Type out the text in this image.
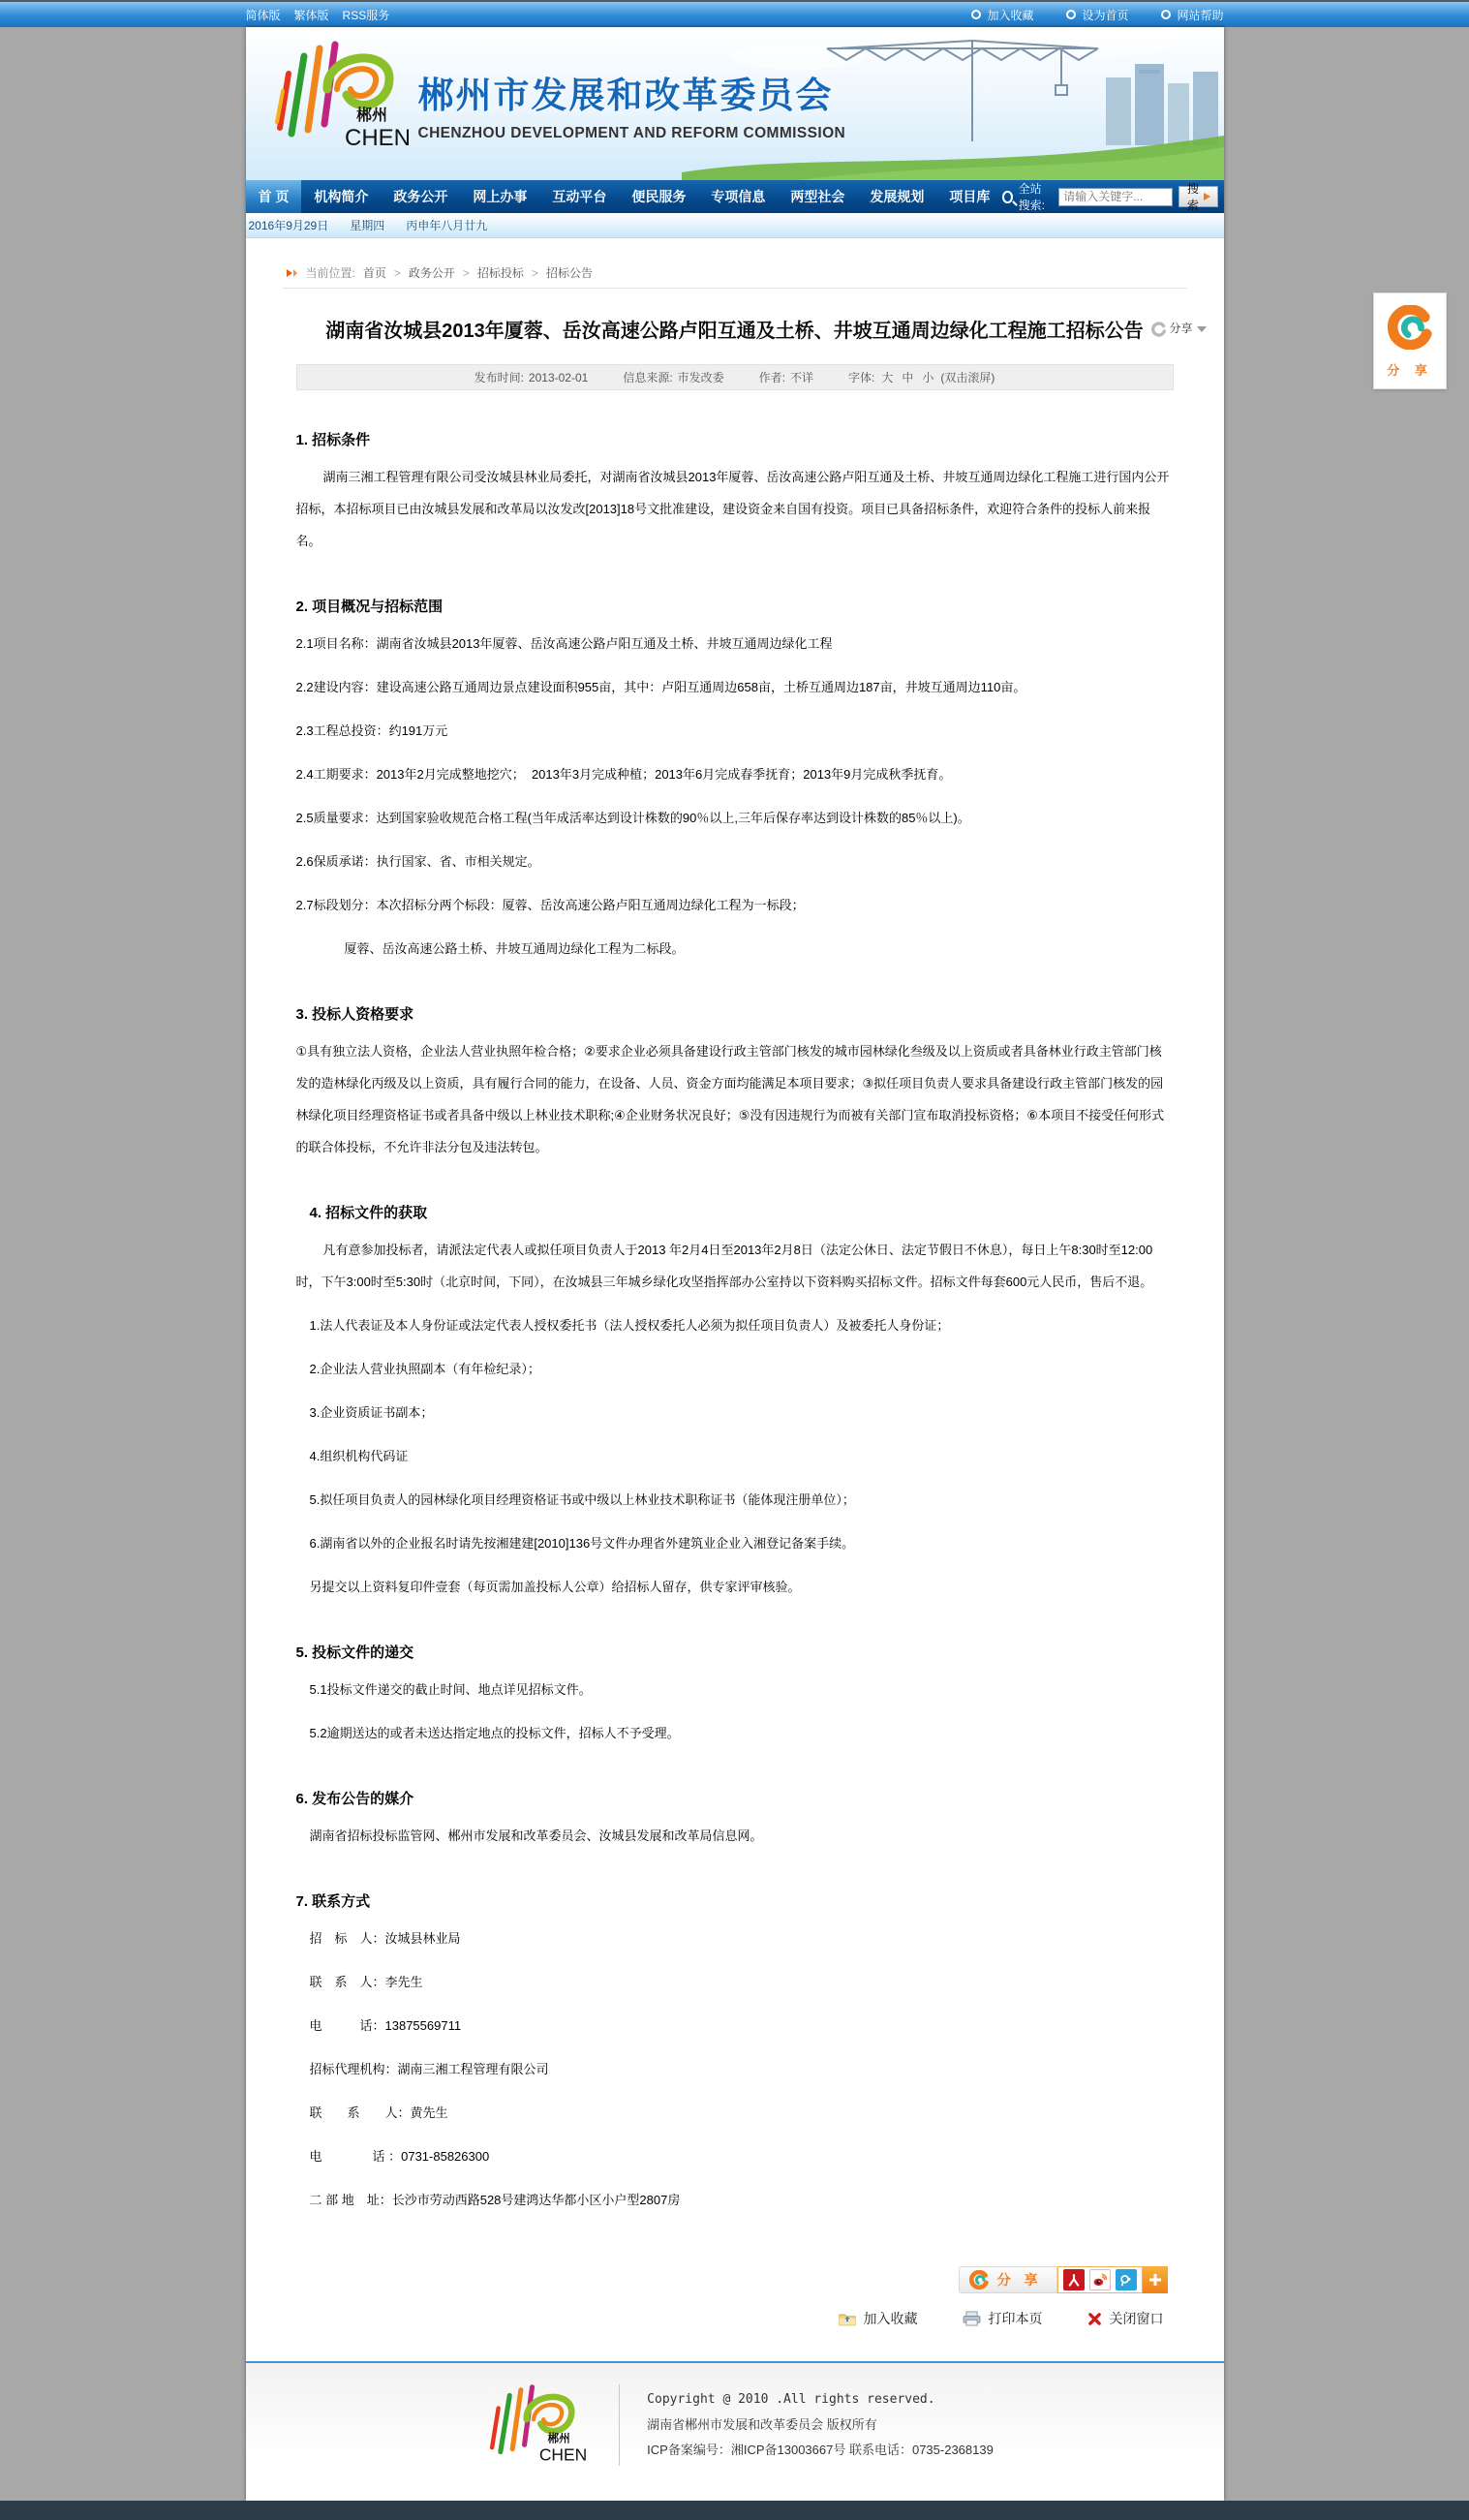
简体版 繁体版 RSS服务	加入收藏	设为首页	网站帮助
郴州
CHEN
郴州市发展和改革委员会
CHENZHOU DEVELOPMENT AND REFORM COMMISSION
首 页	机构简介	政务公开	网上办事	互动平台	便民服务	专项信息	两型社会	发展规划	项目库	全站搜索:
请输入关键字...
搜索
2016年9月29日 星期四 丙申年八月廿九
当前位置: 首页 > 政务公开 > 招标投标 > 招标公告
湖南省汝城县2013年厦蓉、岳汝高速公路卢阳互通及土桥、井坡互通周边绿化工程施工招标公告 分享
发布时间: 2013-02-01	信息来源: 市发改委	作者: 不详	字体: 大 中 小 (双击滚屏)
1. 招标条件

湖南三湘工程管理有限公司受汝城县林业局委托，对湖南省汝城县2013年厦蓉、岳汝高速公路卢阳互通及土桥、井坡互通周边绿化工程施工进行国内公开招标，本招标项目已由汝城县发展和改革局以汝发改[2013]18号文批准建设，建设资金来自国有投资。项目已具备招标条件，欢迎符合条件的投标人前来报名。

2. 项目概况与招标范围

2.1项目名称：湖南省汝城县2013年厦蓉、岳汝高速公路卢阳互通及土桥、井坡互通周边绿化工程

2.2建设内容：建设高速公路互通周边景点建设面积955亩，其中：卢阳互通周边658亩，土桥互通周边187亩，井坡互通周边110亩。

2.3工程总投资：约191万元

2.4工期要求：2013年2月完成整地挖穴；  2013年3月完成种植；2013年6月完成春季抚育；2013年9月完成秋季抚育。

2.5质量要求：达到国家验收规范合格工程(当年成活率达到设计株数的90％以上,三年后保存率达到设计株数的85％以上)。

2.6保质承诺：执行国家、省、市相关规定。

2.7标段划分：本次招标分两个标段：厦蓉、岳汝高速公路卢阳互通周边绿化工程为一标段；

厦蓉、岳汝高速公路土桥、井坡互通周边绿化工程为二标段。

3. 投标人资格要求

①具有独立法人资格，企业法人营业执照年检合格；②要求企业必须具备建设行政主管部门核发的城市园林绿化叁级及以上资质或者具备林业行政主管部门核发的造林绿化丙级及以上资质，具有履行合同的能力，在设备、人员、资金方面均能满足本项目要求；③拟任项目负责人要求具备建设行政主管部门核发的园林绿化项目经理资格证书或者具备中级以上林业技术职称;④企业财务状况良好；⑤没有因违规行为而被有关部门宣布取消投标资格；⑥本项目不接受任何形式的联合体投标，不允许非法分包及违法转包。

4. 招标文件的获取

凡有意参加投标者，请派法定代表人或拟任项目负责人于2013 年2月4日至2013年2月8日（法定公休日、法定节假日不休息），每日上午8:30时至12:00 时，下午3:00时至5:30时（北京时间，下同），在汝城县三年城乡绿化攻坚指挥部办公室持以下资料购买招标文件。招标文件每套600元人民币，售后不退。

1.法人代表证及本人身份证或法定代表人授权委托书（法人授权委托人必须为拟任项目负责人）及被委托人身份证；

2.企业法人营业执照副本（有年检纪录）；

3.企业资质证书副本；

4.组织机构代码证

5.拟任项目负责人的园林绿化项目经理资格证书或中级以上林业技术职称证书（能体现注册单位）；

6.湖南省以外的企业报名时请先按湘建建[2010]136号文件办理省外建筑业企业入湘登记备案手续。

另提交以上资料复印件壹套（每页需加盖投标人公章）给招标人留存，供专家评审核验。

5. 投标文件的递交

5.1投标文件递交的截止时间、地点详见招标文件。

5.2逾期送达的或者未送达指定地点的投标文件，招标人不予受理。

6. 发布公告的媒介

湖南省招标投标监管网、郴州市发展和改革委员会、汝城县发展和改革局信息网。

7. 联系方式

招　标　人：汝城县林业局

联　系　人：李先生

电　　　话：13875569711

招标代理机构：湖南三湘工程管理有限公司

联　　系　　人：黄先生

电　　　　话 ：0731-85826300

二 部 地　址：长沙市劳动西路528号建鸿达华都小区小户型2807房

分 享
加入收藏	打印本页	关闭窗口
郴州
CHEN
Copyright @ 2010 .All rights reserved.
湖南省郴州市发展和改革委员会 版权所有
ICP备案编号：湘ICP备13003667号 联系电话：0735-2368139
分 享
